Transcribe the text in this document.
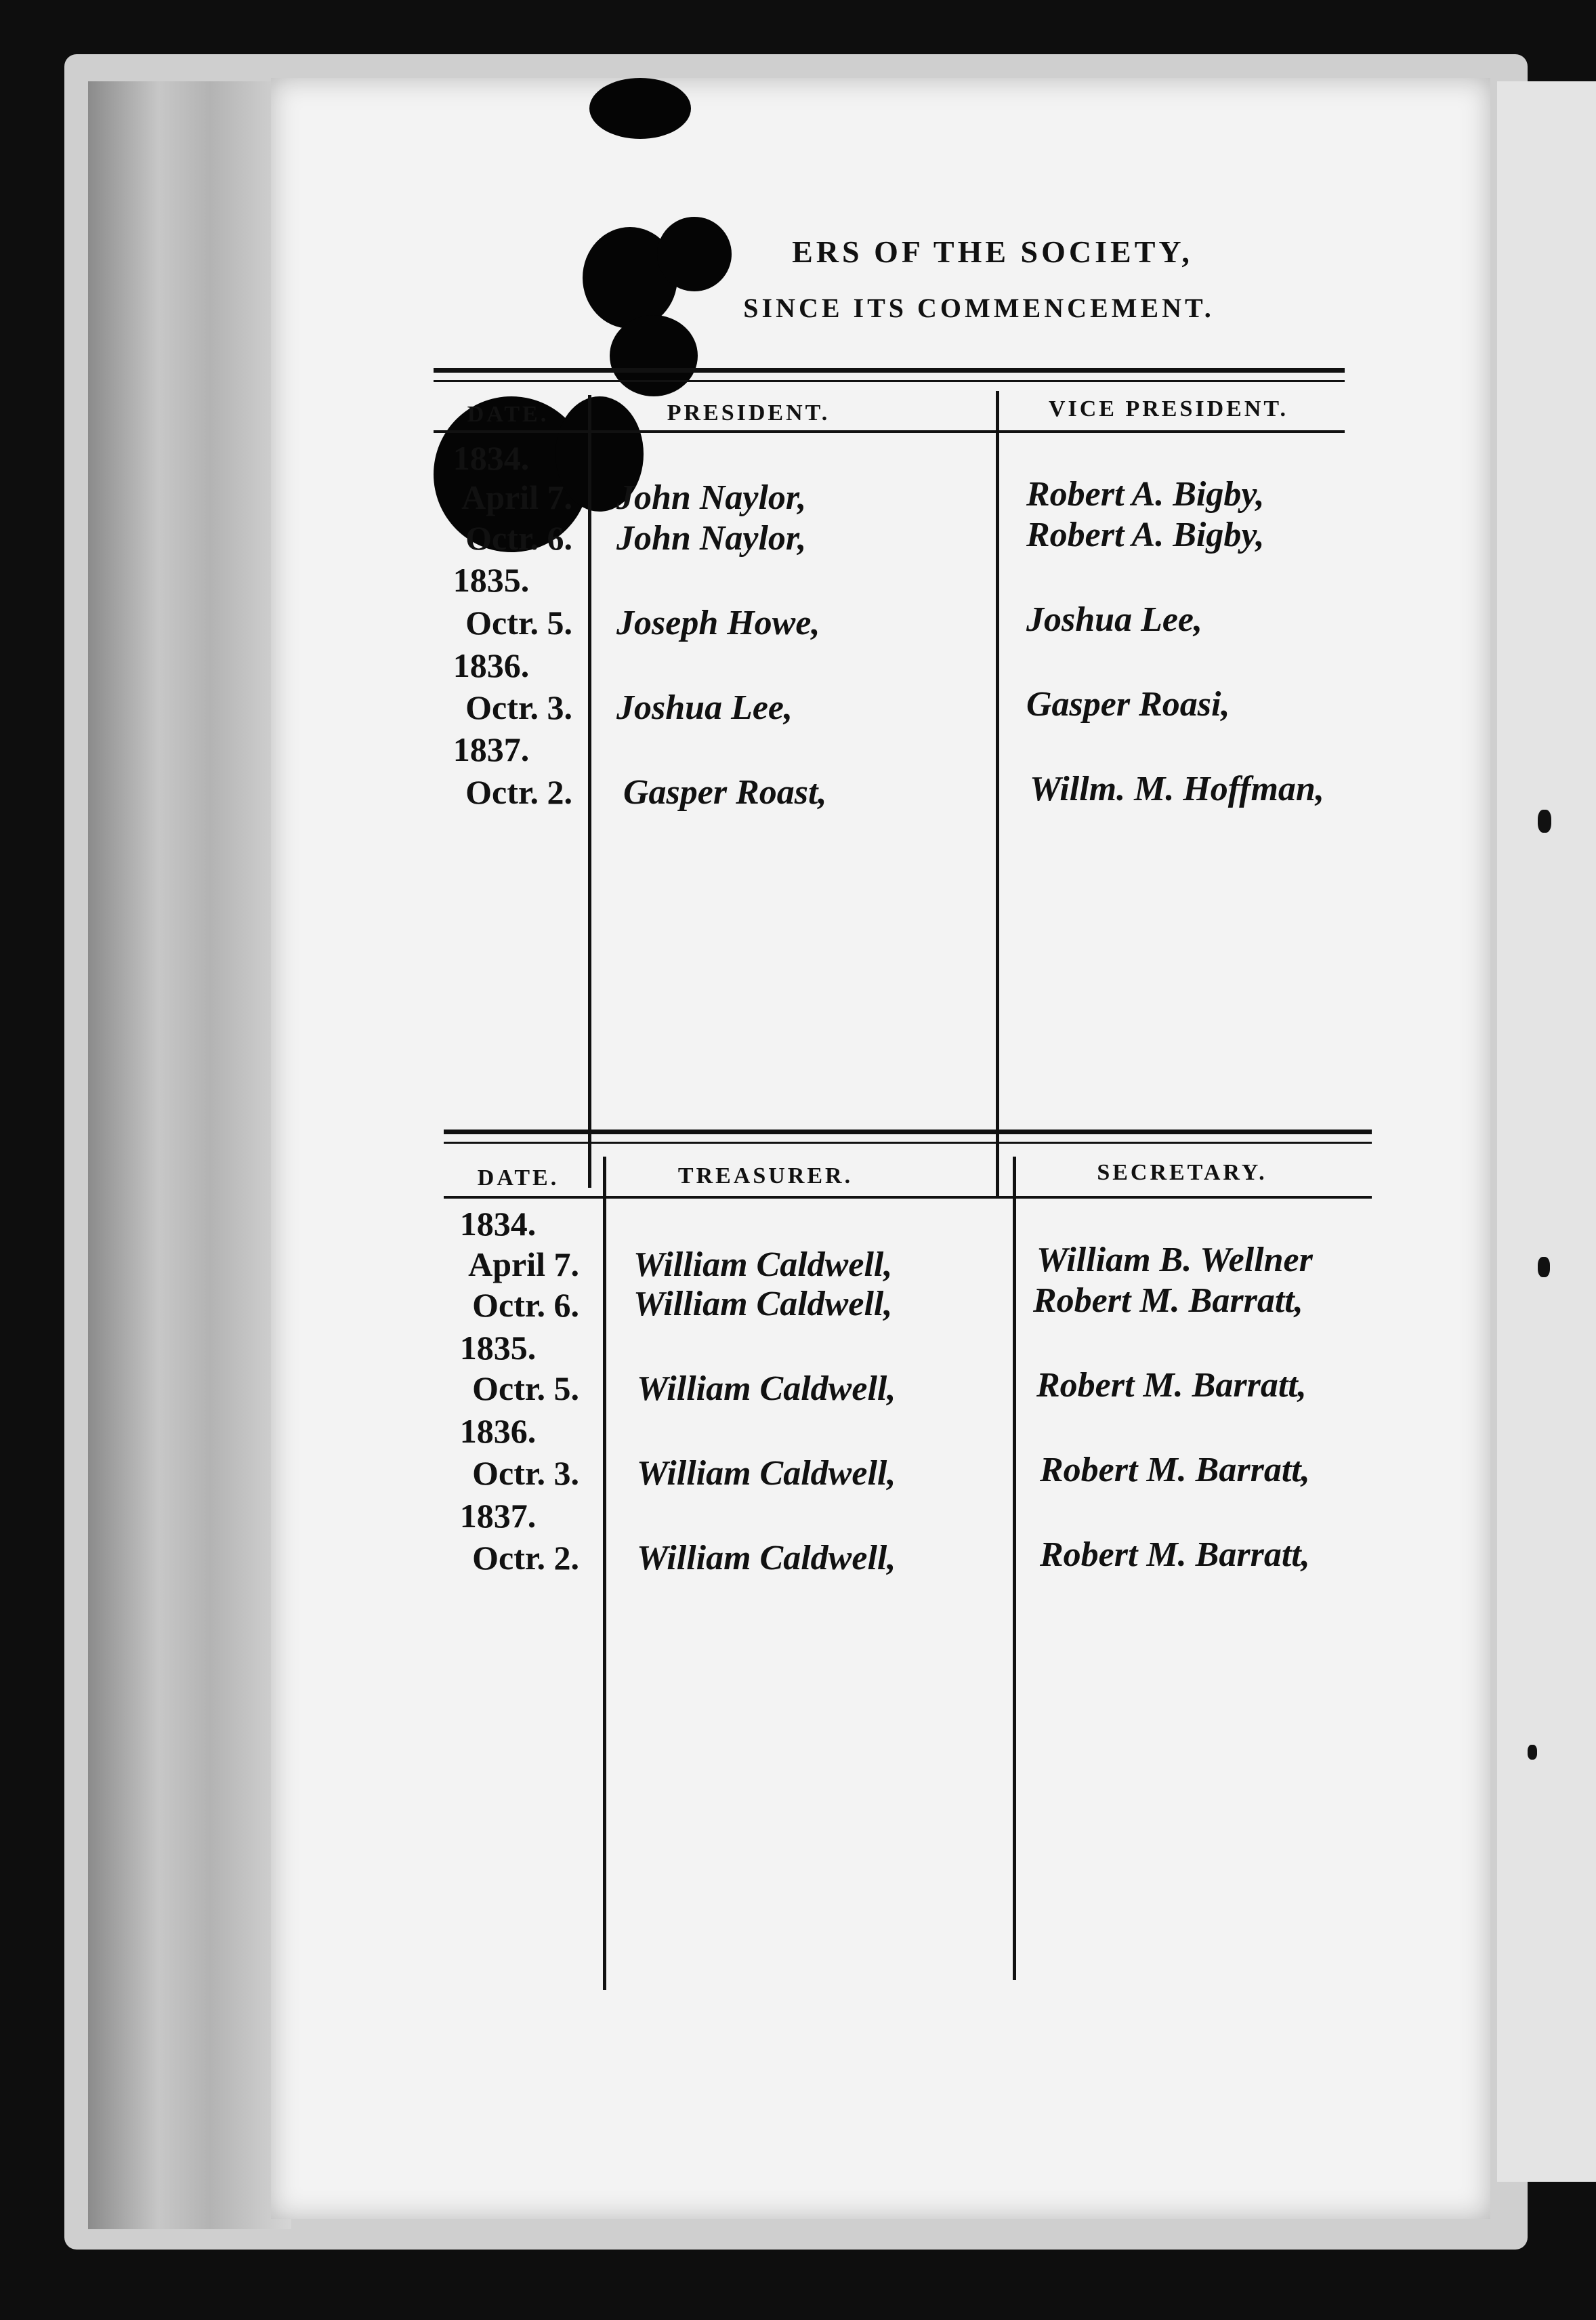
ERS OF THE SOCIETY,
SINCE ITS COMMENCEMENT.
DATE.	PRESIDENT.	VICE PRESIDENT.
1834.
April 7. John Naylor,	Robert A. Bigby,
Octr. 6. John Naylor,	Robert A. Bigby,
1835.
Octr. 5. Joseph Howe,	Joshua Lee,
1836.
Octr. 3. Joshua Lee,	Gasper Roasi,
1837.
Octr. 2. Gasper Roast,	Willm. M. Hoffman,
DATE.	TREASURER.	SECRETARY.
1834.
April 7. William Caldwell,	William B. Wellner
Octr. 6. William Caldwell,	Robert M. Barratt,
1835.
Octr. 5. William Caldwell,	Robert M. Barratt,
1836.
Octr. 3. William Caldwell,	Robert M. Barratt,
1837.
Octr. 2. William Caldwell,	Robert M. Barratt,
